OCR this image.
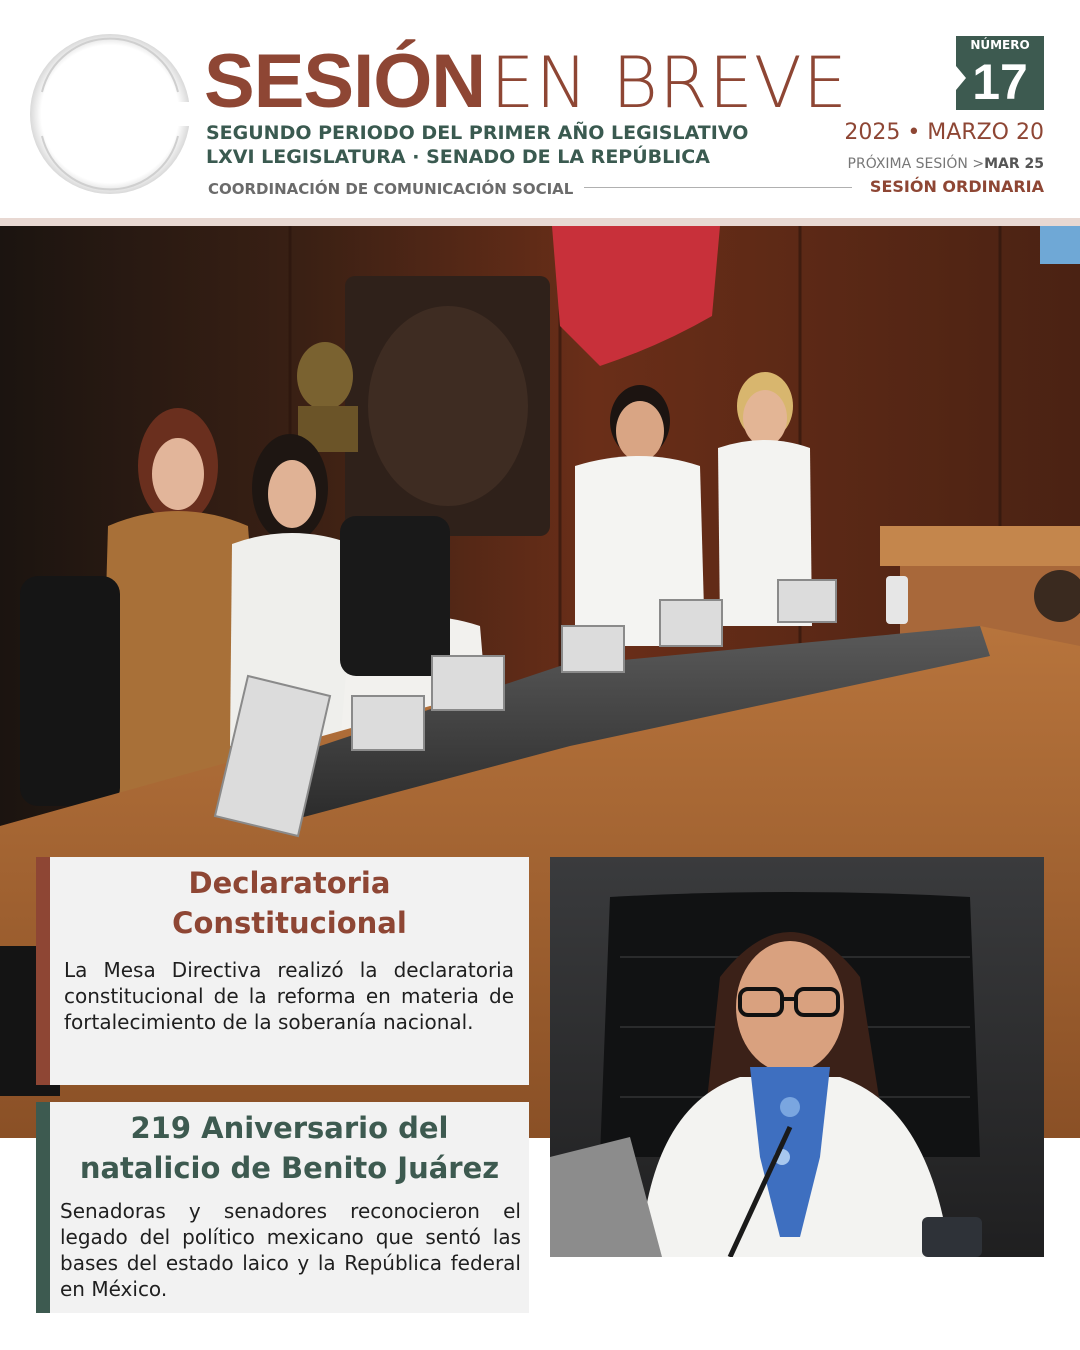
SESIÓN EN BREVE
SEGUNDO PERIODO DEL PRIMER AÑO LEGISLATIVO
LXVI LEGISLATURA · SENADO DE LA REPÚBLICA
COORDINACIÓN DE COMUNICACIÓN SOCIAL
NÚMERO
17
2025 • MARZO 20
PRÓXIMA SESIÓN >MAR 25
SESIÓN ORDINARIA
Declaratoria
Constitucional

La Mesa Directiva realizó la declaratoria constitucional de la reforma en materia de fortalecimiento de la soberanía nacional.

219 Aniversario del
natalicio de Benito Juárez

Senadoras y senadores reconocieron el legado del político mexicano que sentó las bases del estado laico y la República federal en México.
